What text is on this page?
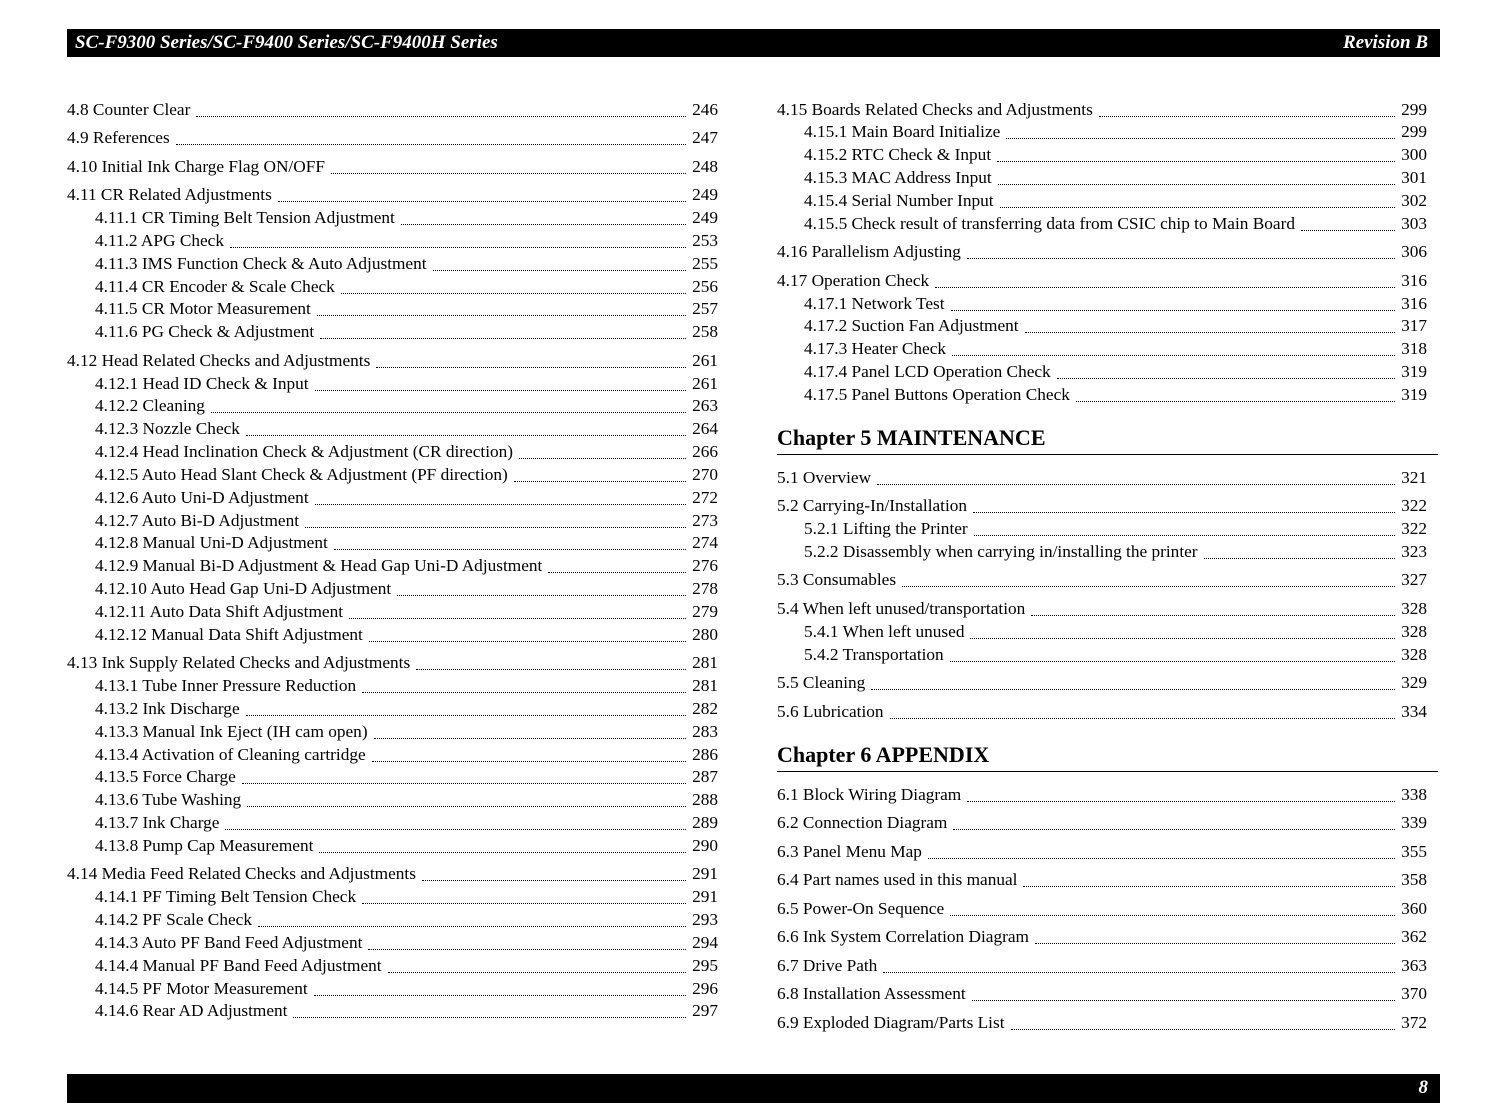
SC-F9300 Series/SC-F9400 Series/SC-F9400H Series	Revision B
4.8 Counter Clear	246
4.9 References	247
4.10 Initial Ink Charge Flag ON/OFF	248
4.11 CR Related Adjustments	249
4.11.1 CR Timing Belt Tension Adjustment	249
4.11.2 APG Check	253
4.11.3 IMS Function Check & Auto Adjustment	255
4.11.4 CR Encoder & Scale Check	256
4.11.5 CR Motor Measurement	257
4.11.6 PG Check & Adjustment	258
4.12 Head Related Checks and Adjustments	261
4.12.1 Head ID Check & Input	261
4.12.2 Cleaning	263
4.12.3 Nozzle Check	264
4.12.4 Head Inclination Check & Adjustment (CR direction)	266
4.12.5 Auto Head Slant Check & Adjustment (PF direction)	270
4.12.6 Auto Uni-D Adjustment	272
4.12.7 Auto Bi-D Adjustment	273
4.12.8 Manual Uni-D Adjustment	274
4.12.9 Manual Bi-D Adjustment & Head Gap Uni-D Adjustment	276
4.12.10 Auto Head Gap Uni-D Adjustment	278
4.12.11 Auto Data Shift Adjustment	279
4.12.12 Manual Data Shift Adjustment	280
4.13 Ink Supply Related Checks and Adjustments	281
4.13.1 Tube Inner Pressure Reduction	281
4.13.2 Ink Discharge	282
4.13.3 Manual Ink Eject (IH cam open)	283
4.13.4 Activation of Cleaning cartridge	286
4.13.5 Force Charge	287
4.13.6 Tube Washing	288
4.13.7 Ink Charge	289
4.13.8 Pump Cap Measurement	290
4.14 Media Feed Related Checks and Adjustments	291
4.14.1 PF Timing Belt Tension Check	291
4.14.2 PF Scale Check	293
4.14.3 Auto PF Band Feed Adjustment	294
4.14.4 Manual PF Band Feed Adjustment	295
4.14.5 PF Motor Measurement	296
4.14.6 Rear AD Adjustment	297
Chapter 5 MAINTENANCE
Chapter 6 APPENDIX
4.15 Boards Related Checks and Adjustments	299
4.15.1 Main Board Initialize	299
4.15.2 RTC Check & Input	300
4.15.3 MAC Address Input	301
4.15.4 Serial Number Input	302
4.15.5 Check result of transferring data from CSIC chip to Main Board	303
4.16 Parallelism Adjusting	306
4.17 Operation Check	316
4.17.1 Network Test	316
4.17.2 Suction Fan Adjustment	317
4.17.3 Heater Check	318
4.17.4 Panel LCD Operation Check	319
4.17.5 Panel Buttons Operation Check	319
5.1 Overview	321
5.2 Carrying-In/Installation	322
5.2.1 Lifting the Printer	322
5.2.2 Disassembly when carrying in/installing the printer	323
5.3 Consumables	327
5.4 When left unused/transportation	328
5.4.1 When left unused	328
5.4.2 Transportation	328
5.5 Cleaning	329
5.6 Lubrication	334
6.1 Block Wiring Diagram	338
6.2 Connection Diagram	339
6.3 Panel Menu Map	355
6.4 Part names used in this manual	358
6.5 Power-On Sequence	360
6.6 Ink System Correlation Diagram	362
6.7 Drive Path	363
6.8 Installation Assessment	370
6.9 Exploded Diagram/Parts List	372
8
